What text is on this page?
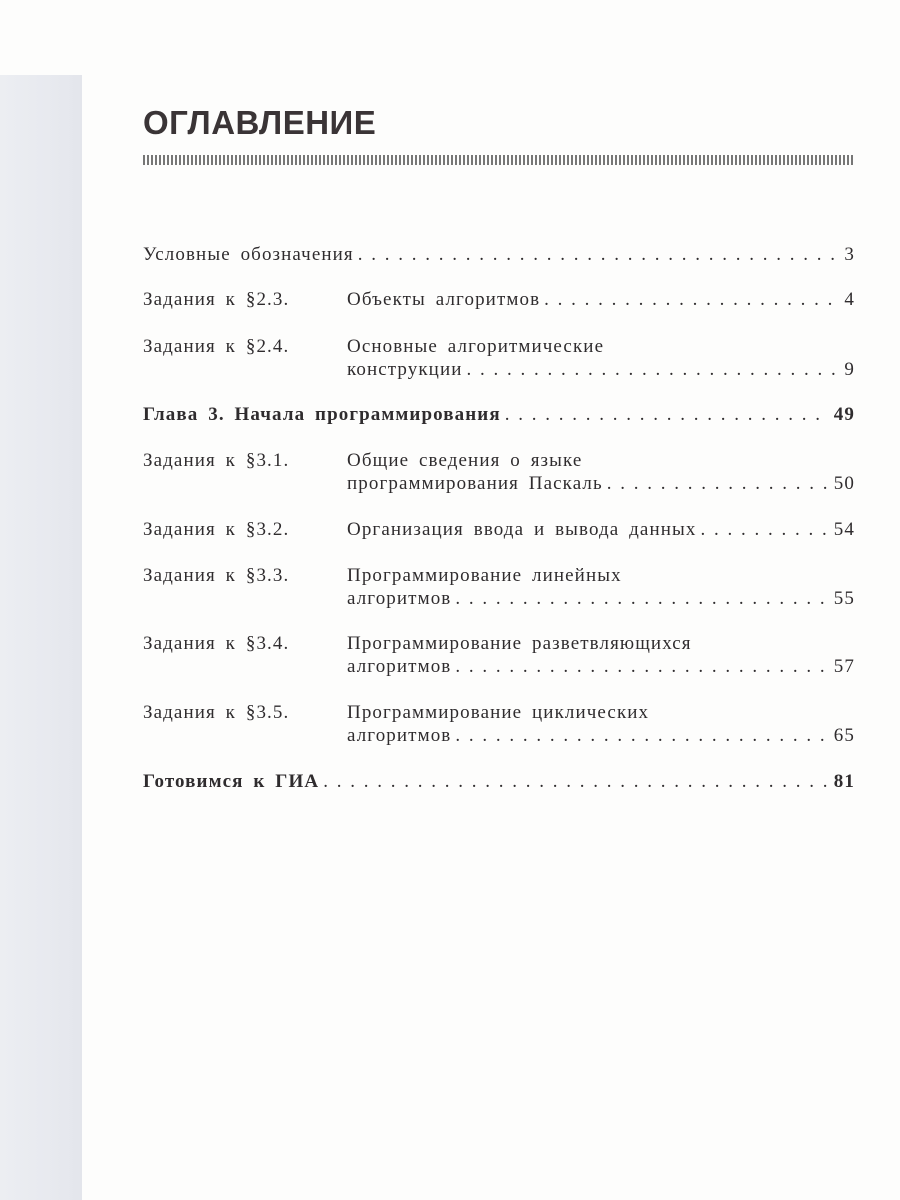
ОГЛАВЛЕНИЕ
Условные обозначения . . .	3
Задания к §2.3.	Объекты алгоритмов . . .	4
Задания к §2.4.	Основные алгоритмические
конструкции . . .	9
Глава 3. Начала программирования . . .	49
Задания к §3.1.	Общие сведения о языке
программирования Паскаль . . .	50
Задания к §3.2.	Организация ввода и вывода данных . . .	54
Задания к §3.3.	Программирование линейных
алгоритмов . . .	55
Задания к §3.4.	Программирование разветвляющихся
алгоритмов . . .	57
Задания к §3.5.	Программирование циклических
алгоритмов . . .	65
Готовимся к ГИА . . .	81
